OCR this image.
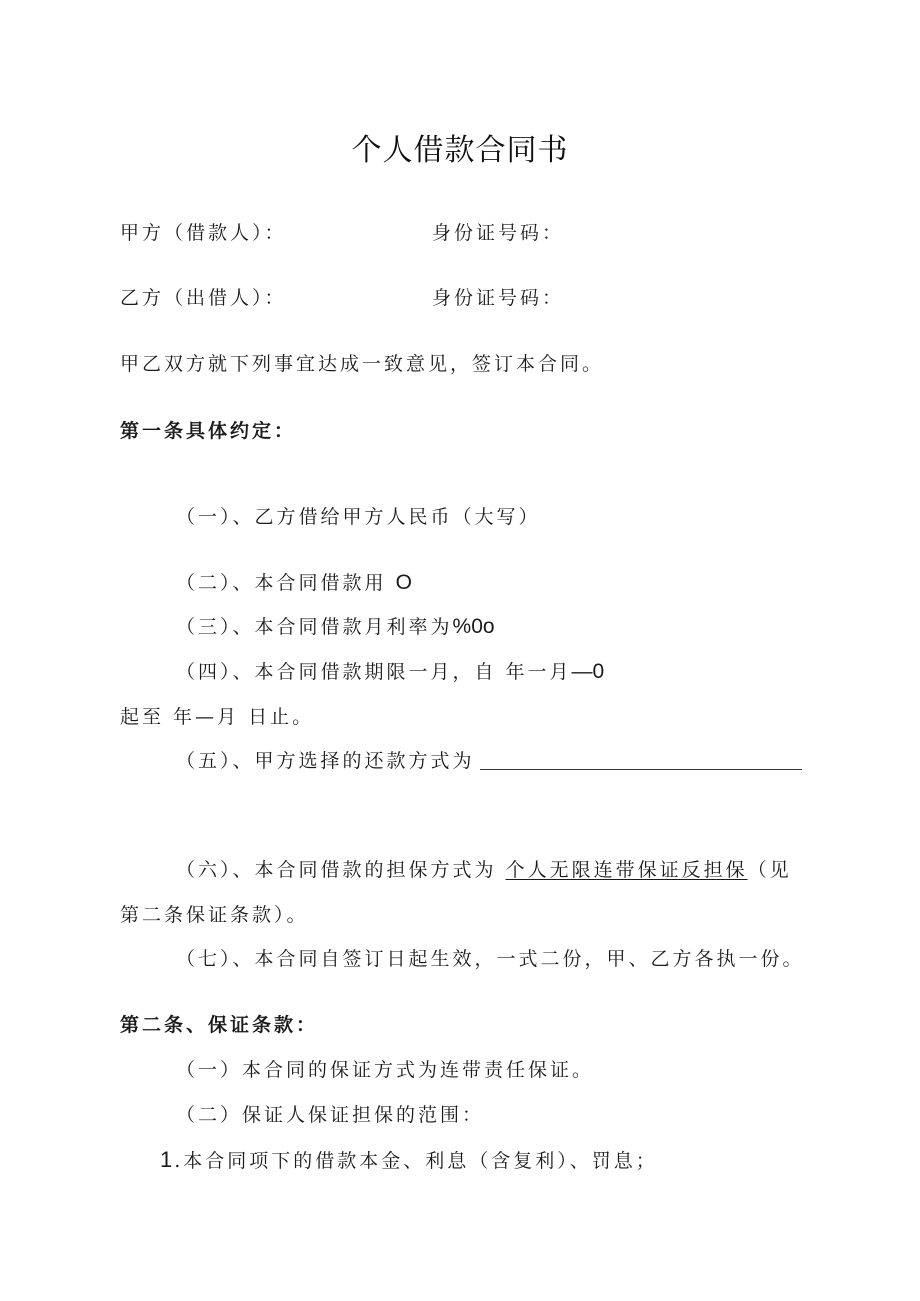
个人借款合同书
甲方（借款人）：	身份证号码：
乙方（出借人）：	身份证号码：
甲乙双方就下列事宜达成一致意见，签订本合同。
第一条具体约定：
（一）、乙方借给甲方人民币（大写）
（二）、本合同借款用 O
（三）、本合同借款月利率为%0o
（四）、本合同借款期限一月，自 年一月—0
起至 年—月 日止。
（五）、甲方选择的还款方式为
（六）、本合同借款的担保方式为 个人无限连带保证反担保（见
第二条保证条款）。
（七）、本合同自签订日起生效，一式二份，甲、乙方各执一份。
第二条、保证条款：
（一）本合同的保证方式为连带责任保证。
（二）保证人保证担保的范围：
1.本合同项下的借款本金、利息（含复利）、罚息；
